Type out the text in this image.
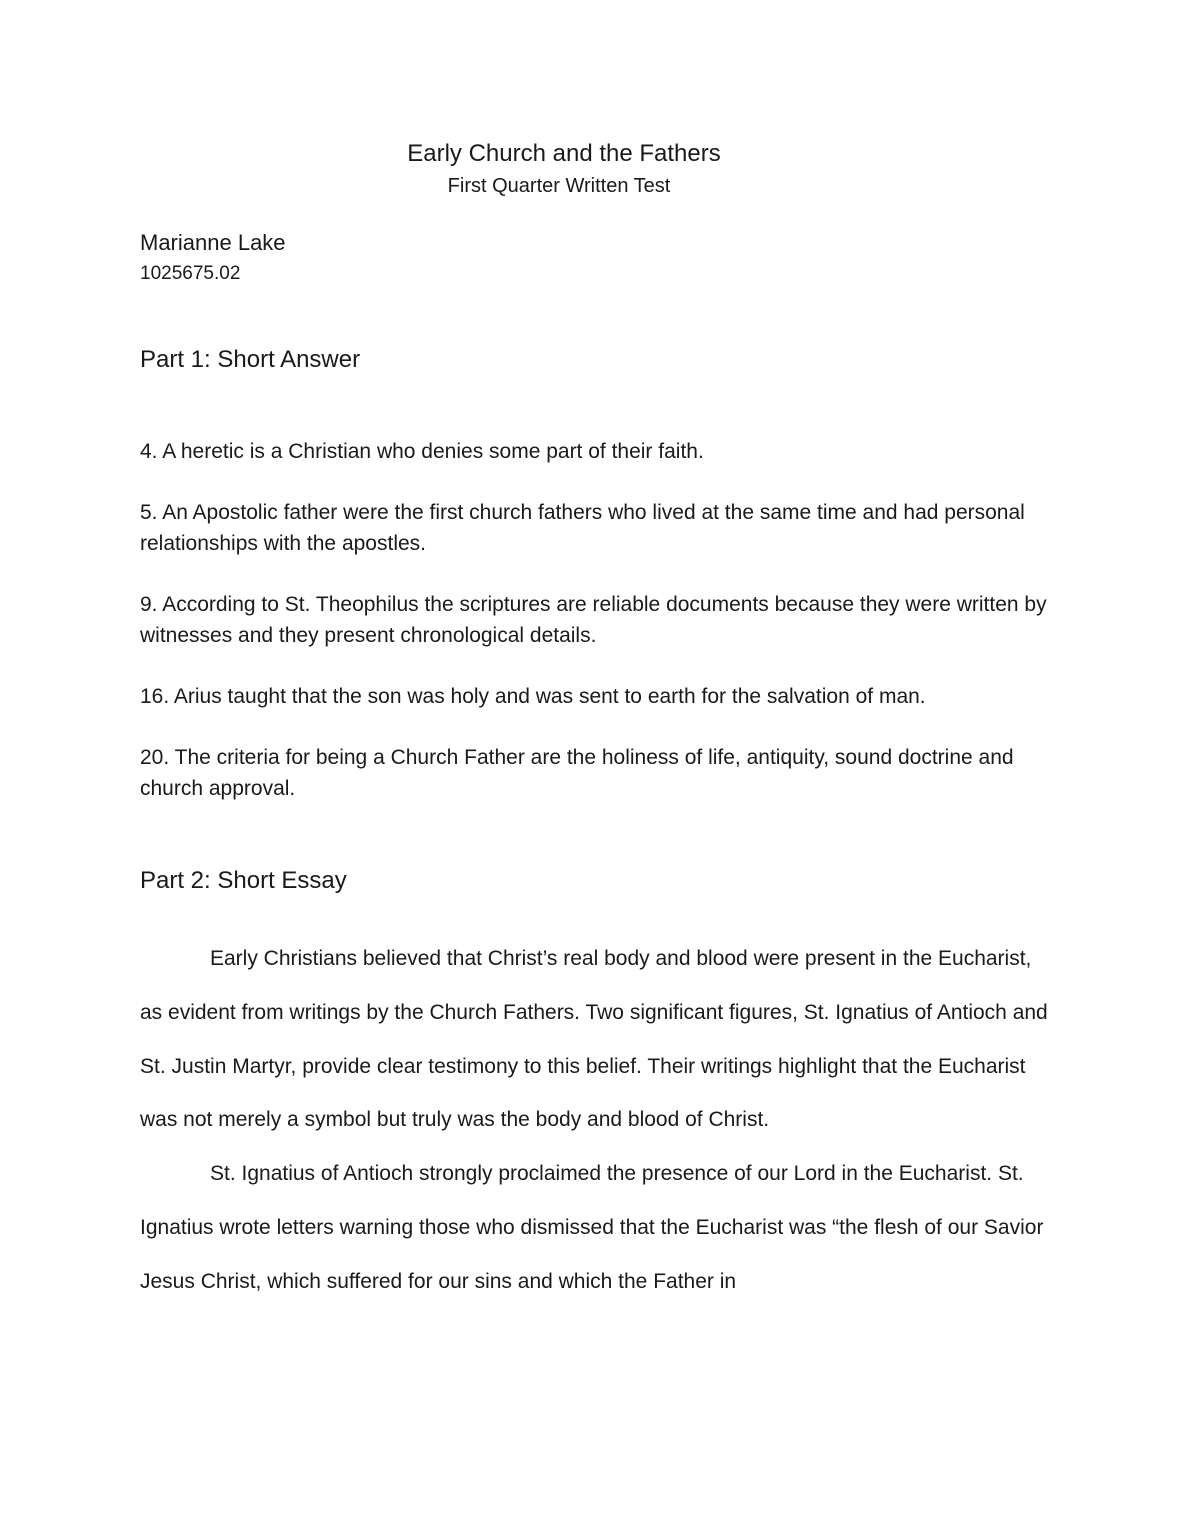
Early Church and the Fathers
First Quarter Written Test
Marianne Lake
1025675.02
Part 1: Short Answer

4. A heretic is a Christian who denies some part of their faith.

5. An Apostolic father were the first church fathers who lived at the same time and had personal relationships with the apostles.

9. According to St. Theophilus the scriptures are reliable documents because they were written by witnesses and they present chronological details.

16. Arius taught that the son was holy and was sent to earth for the salvation of man.

20. The criteria for being a Church Father are the holiness of life, antiquity, sound doctrine and church approval.

Part 2: Short Essay

Early Christians believed that Christ’s real body and blood were present in the Eucharist, as evident from writings by the Church Fathers. Two significant figures, St. Ignatius of Antioch and St. Justin Martyr, provide clear testimony to this belief. Their writings highlight that the Eucharist was not merely a symbol but truly was the body and blood of Christ.

St. Ignatius of Antioch strongly proclaimed the presence of our Lord in the Eucharist. St. Ignatius wrote letters warning those who dismissed that the Eucharist was “the flesh of our Savior Jesus Christ, which suffered for our sins and which the Father in
